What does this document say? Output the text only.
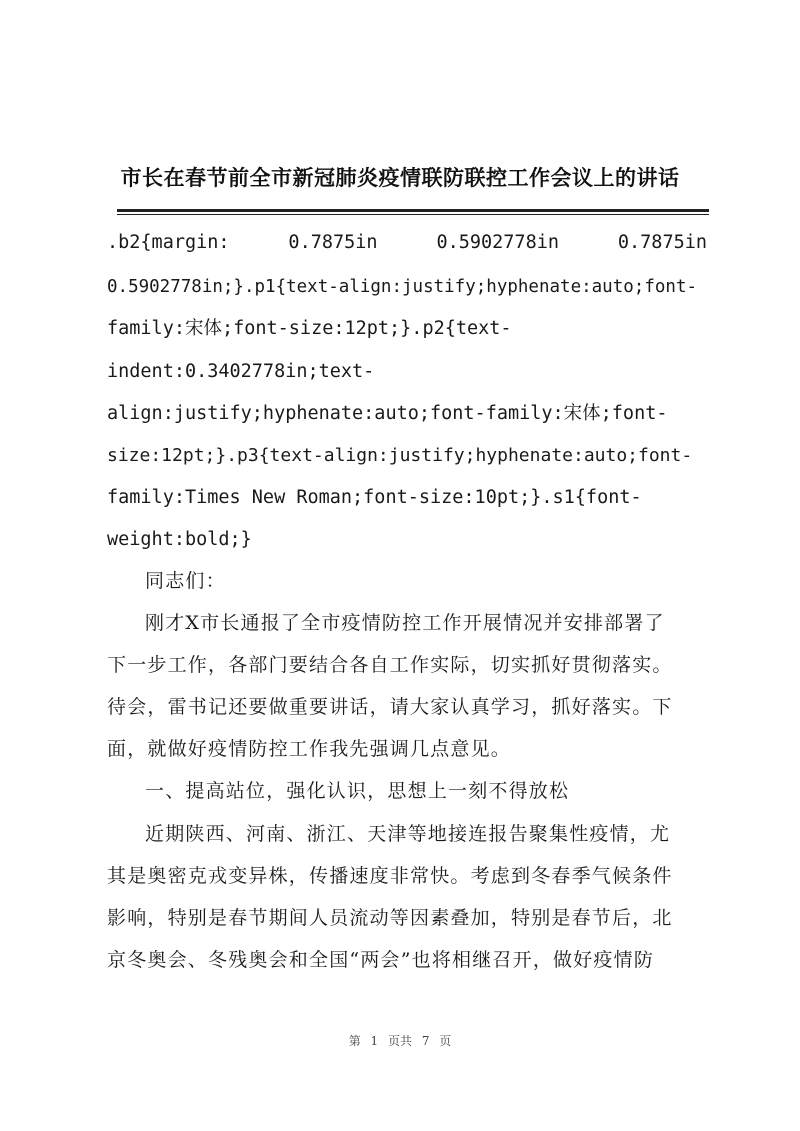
市长在春节前全市新冠肺炎疫情联防联控工作会议上的讲话
.b2{margin: 0.7875in 0.5902778in 0.7875in
0.5902778in;}.p1{text-align:justify;hyphenate:auto;font-
family:宋体;font-size:12pt;}.p2{text-
indent:0.3402778in;text-
align:justify;hyphenate:auto;font-family:宋体;font-
size:12pt;}.p3{text-align:justify;hyphenate:auto;font-
family:Times New Roman;font-size:10pt;}.s1{font-
weight:bold;}
同志们：
刚才X市长通报了全市疫情防控工作开展情况并安排部署了
下一步工作，各部门要结合各自工作实际，切实抓好贯彻落实。
待会，雷书记还要做重要讲话，请大家认真学习，抓好落实。下
面，就做好疫情防控工作我先强调几点意见。
一、提高站位，强化认识，思想上一刻不得放松
近期陕西、河南、浙江、天津等地接连报告聚集性疫情，尤
其是奥密克戎变异株，传播速度非常快。考虑到冬春季气候条件
影响，特别是春节期间人员流动等因素叠加，特别是春节后，北
京冬奥会、冬残奥会和全国“两会”也将相继召开，做好疫情防
第 1 页共 7 页
